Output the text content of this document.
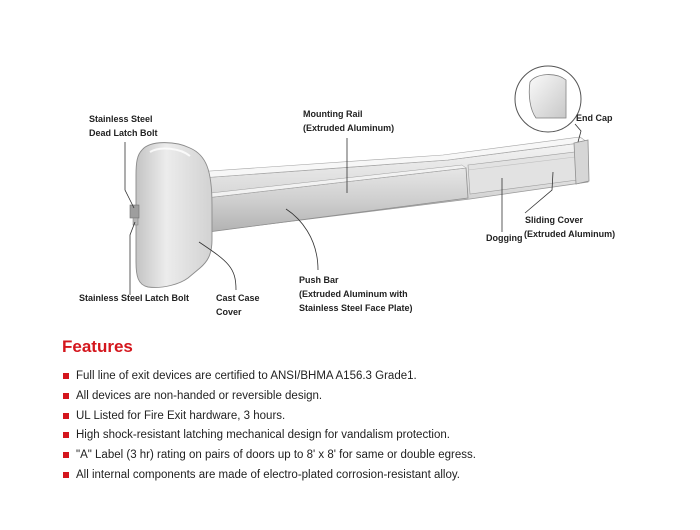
Stainless Steel
Dead Latch Bolt
Mounting Rail
(Extruded Aluminum)
End Cap
Sliding Cover
(Extruded Aluminum)
Dogging
Stainless Steel Latch Bolt	Cast Case
Cover
Push Bar
(Extruded Aluminum with
Stainless Steel Face Plate)
Features
Full line of exit devices are certified to ANSI/BHMA A156.3 Grade1.
All devices are non-handed or reversible design.
UL Listed for Fire Exit hardware, 3 hours.
High shock-resistant latching mechanical design for vandalism protection.
"A" Label (3 hr) rating on pairs of doors up to 8' x 8' for same or double egress.
All internal components are made of electro-plated corrosion-resistant alloy.
